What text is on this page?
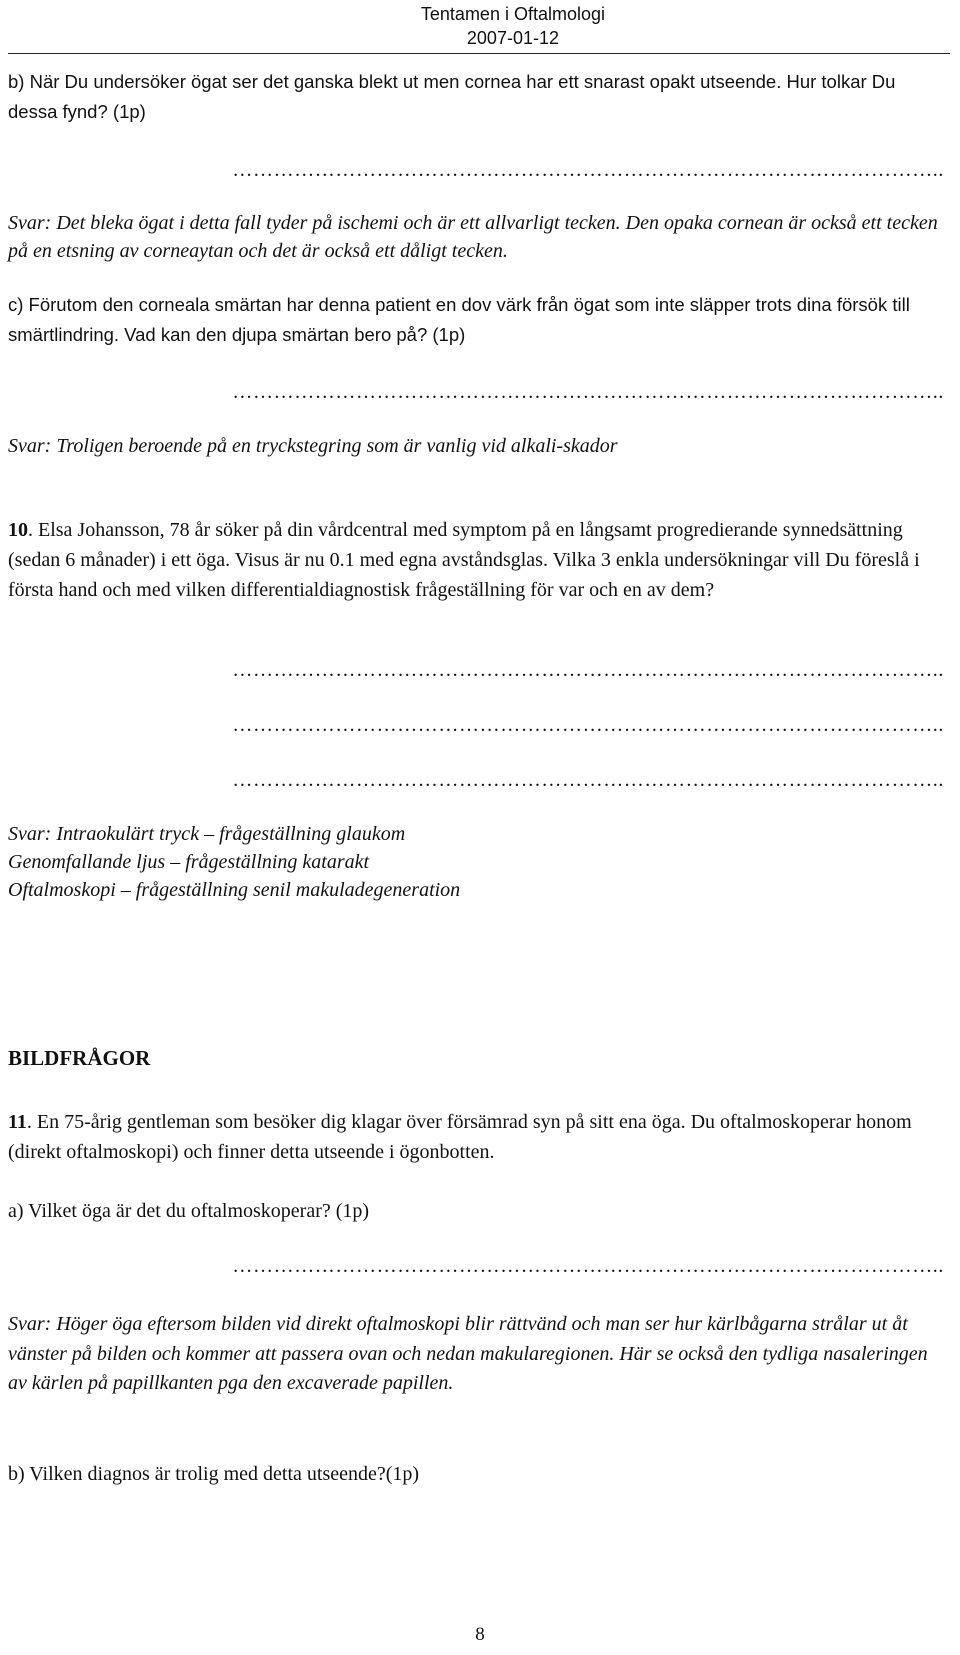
Tentamen i Oftalmologi
2007-01-12

b) När Du undersöker ögat ser det ganska blekt ut men cornea har ett snarast opakt utseende. Hur tolkar Du dessa fynd? (1p)

…………………………………………………………………………………………..

Svar: Det bleka ögat i detta fall tyder på ischemi och är ett allvarligt tecken. Den opaka cornean är också ett tecken på en etsning av corneaytan och det är också ett dåligt tecken.

c) Förutom den corneala smärtan har denna patient en dov värk från ögat som inte släpper trots dina försök till smärtlindring. Vad kan den djupa smärtan bero på? (1p)

…………………………………………………………………………………………..

Svar: Troligen beroende på en tryckstegring som är vanlig vid alkali-skador

10. Elsa Johansson, 78 år söker på din vårdcentral med symptom på en långsamt progredierande synnedsättning (sedan 6 månader) i ett öga. Visus är nu 0.1 med egna avståndsglas. Vilka 3 enkla undersökningar vill Du föreslå i första hand och med vilken differentialdiagnostisk frågeställning för var och en av dem?

…………………………………………………………………………………………..
…………………………………………………………………………………………..
…………………………………………………………………………………………..
Svar: Intraokulärt tryck – frågeställning glaukom
Genomfallande ljus – frågeställning katarakt
Oftalmoskopi – frågeställning senil makuladegeneration
BILDFRÅGOR

11. En 75-årig gentleman som besöker dig klagar över försämrad syn på sitt ena öga. Du oftalmoskoperar honom (direkt oftalmoskopi) och finner detta utseende i ögonbotten.

a) Vilket öga är det du oftalmoskoperar? (1p)

…………………………………………………………………………………………..

Svar: Höger öga eftersom bilden vid direkt oftalmoskopi blir rättvänd och man ser hur kärlbågarna strålar ut åt vänster på bilden och kommer att passera ovan och nedan makularegionen. Här se också den tydliga nasaleringen av kärlen på papillkanten pga den excaverade papillen.

b) Vilken diagnos är trolig med detta utseende?(1p)

8
